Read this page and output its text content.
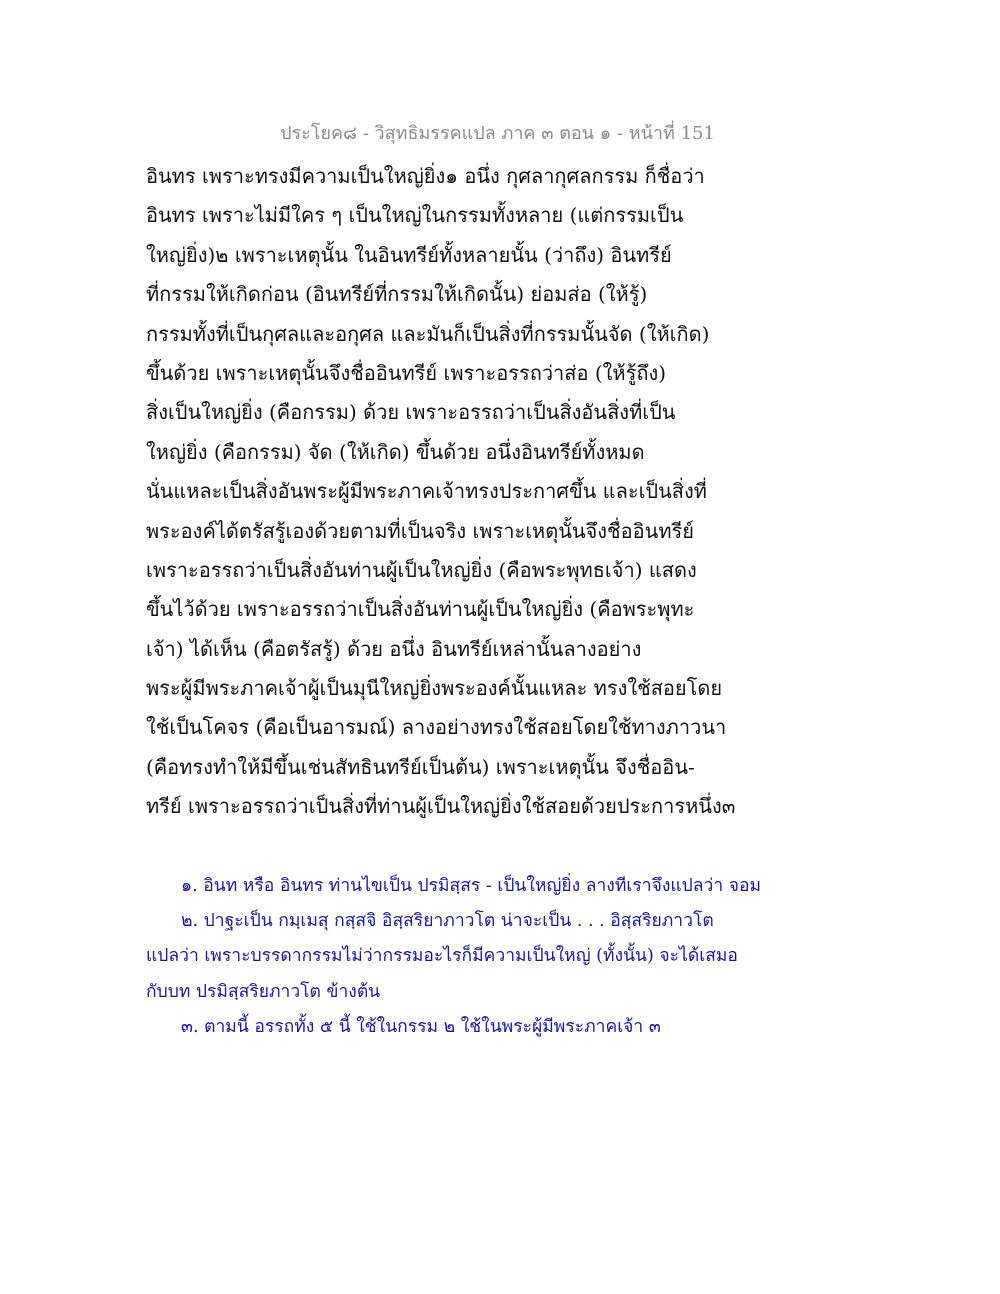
ประโยค๘ - วิสุทธิมรรคแปล ภาค ๓ ตอน ๑ - หน้าที่ 151
อินทร เพราะทรงมีความเป็นใหญ่ยิ่ง๑ อนึ่ง กุศลากุศลกรรม ก็ชื่อว่า
อินทร เพราะไม่มีใคร ๆ เป็นใหญ่ในกรรมทั้งหลาย (แต่กรรมเป็น
ใหญ่ยิ่ง)๒ เพราะเหตุนั้น ในอินทรีย์ทั้งหลายนั้น (ว่าถึง) อินทรีย์
ที่กรรมให้เกิดก่อน (อินทรีย์ที่กรรมให้เกิดนั้น) ย่อมส่อ (ให้รู้)
กรรมทั้งที่เป็นกุศลและอกุศล และมันก็เป็นสิ่งที่กรรมนั้นจัด (ให้เกิด)
ขึ้นด้วย เพราะเหตุนั้นจึงชื่ออินทรีย์ เพราะอรรถว่าส่อ (ให้รู้ถึง)
สิ่งเป็นใหญ่ยิ่ง (คือกรรม) ด้วย เพราะอรรถว่าเป็นสิ่งอันสิ่งที่เป็น
ใหญ่ยิ่ง (คือกรรม) จัด (ให้เกิด) ขึ้นด้วย อนึ่งอินทรีย์ทั้งหมด
นั่นแหละเป็นสิ่งอันพระผู้มีพระภาคเจ้าทรงประกาศขึ้น และเป็นสิ่งที่
พระองค์ได้ตรัสรู้เองด้วยตามที่เป็นจริง เพราะเหตุนั้นจึงชื่ออินทรีย์
เพราะอรรถว่าเป็นสิ่งอันท่านผู้เป็นใหญ่ยิ่ง (คือพระพุทธเจ้า) แสดง
ขึ้นไว้ด้วย เพราะอรรถว่าเป็นสิ่งอันท่านผู้เป็นใหญ่ยิ่ง (คือพระพุทะ
เจ้า) ได้เห็น (คือตรัสรู้) ด้วย อนึ่ง อินทรีย์เหล่านั้นลางอย่าง
พระผู้มีพระภาคเจ้าผู้เป็นมุนีใหญ่ยิ่งพระองค์นั้นแหละ ทรงใช้สอยโดย
ใช้เป็นโคจร (คือเป็นอารมณ์) ลางอย่างทรงใช้สอยโดยใช้ทางภาวนา
(คือทรงทำให้มีขึ้นเช่นสัทธินทรีย์เป็นต้น) เพราะเหตุนั้น จึงชื่ออิน-
ทรีย์ เพราะอรรถว่าเป็นสิ่งที่ท่านผู้เป็นใหญ่ยิ่งใช้สอยด้วยประการหนึ่ง๓
๑. อินท หรือ อินทร ท่านไขเป็น ปรมิสฺสร - เป็นใหญ่ยิ่ง ลางทีเราจึงแปลว่า จอม
๒. ปาฐะเป็น กมฺเมสุ กสฺสจิ อิสฺสริยาภาวโต น่าจะเป็น . . . อิสฺสริยภาวโต
แปลว่า เพราะบรรดากรรมไม่ว่ากรรมอะไรก็มีความเป็นใหญ่ (ทั้งนั้น) จะได้เสมอ
กับบท ปรมิสฺสริยภาวโต ข้างต้น
๓. ตามนี้ อรรถทั้ง ๕ นี้ ใช้ในกรรม ๒ ใช้ในพระผู้มีพระภาคเจ้า ๓
